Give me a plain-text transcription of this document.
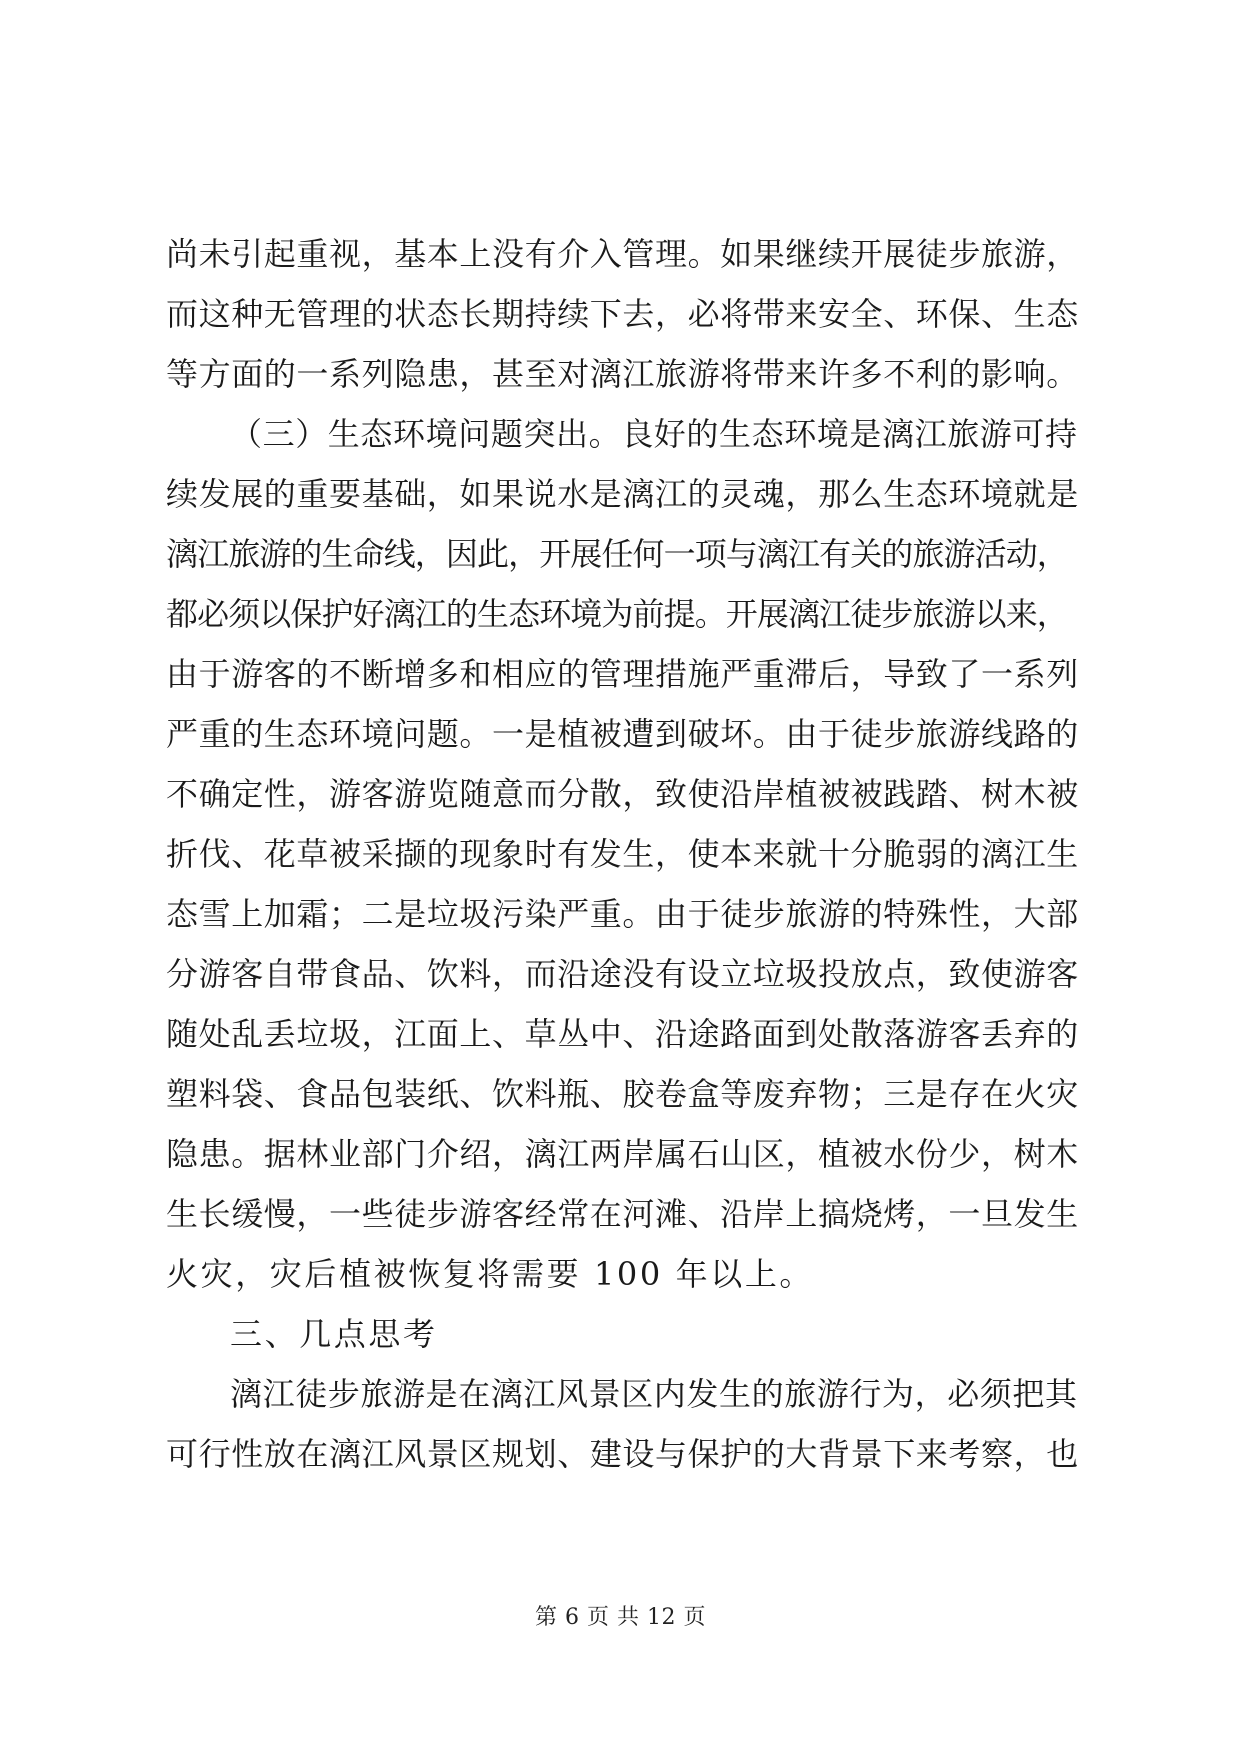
尚未引起重视，基本上没有介入管理。如果继续开展徒步旅游，
而这种无管理的状态长期持续下去，必将带来安全、环保、生态
等方面的一系列隐患，甚至对漓江旅游将带来许多不利的影响。
（三）生态环境问题突出。良好的生态环境是漓江旅游可持
续发展的重要基础，如果说水是漓江的灵魂，那么生态环境就是
漓江旅游的生命线，因此，开展任何一项与漓江有关的旅游活动，
都必须以保护好漓江的生态环境为前提。开展漓江徒步旅游以来，
由于游客的不断增多和相应的管理措施严重滞后，导致了一系列
严重的生态环境问题。一是植被遭到破坏。由于徒步旅游线路的
不确定性，游客游览随意而分散，致使沿岸植被被践踏、树木被
折伐、花草被采撷的现象时有发生，使本来就十分脆弱的漓江生
态雪上加霜；二是垃圾污染严重。由于徒步旅游的特殊性，大部
分游客自带食品、饮料，而沿途没有设立垃圾投放点，致使游客
随处乱丢垃圾，江面上、草丛中、沿途路面到处散落游客丢弃的
塑料袋、食品包装纸、饮料瓶、胶卷盒等废弃物；三是存在火灾
隐患。据林业部门介绍，漓江两岸属石山区，植被水份少，树木
生长缓慢，一些徒步游客经常在河滩、沿岸上搞烧烤，一旦发生
火灾，灾后植被恢复将需要 100 年以上。
三、几点思考
漓江徒步旅游是在漓江风景区内发生的旅游行为，必须把其
可行性放在漓江风景区规划、建设与保护的大背景下来考察，也
第 6 页 共 12 页
